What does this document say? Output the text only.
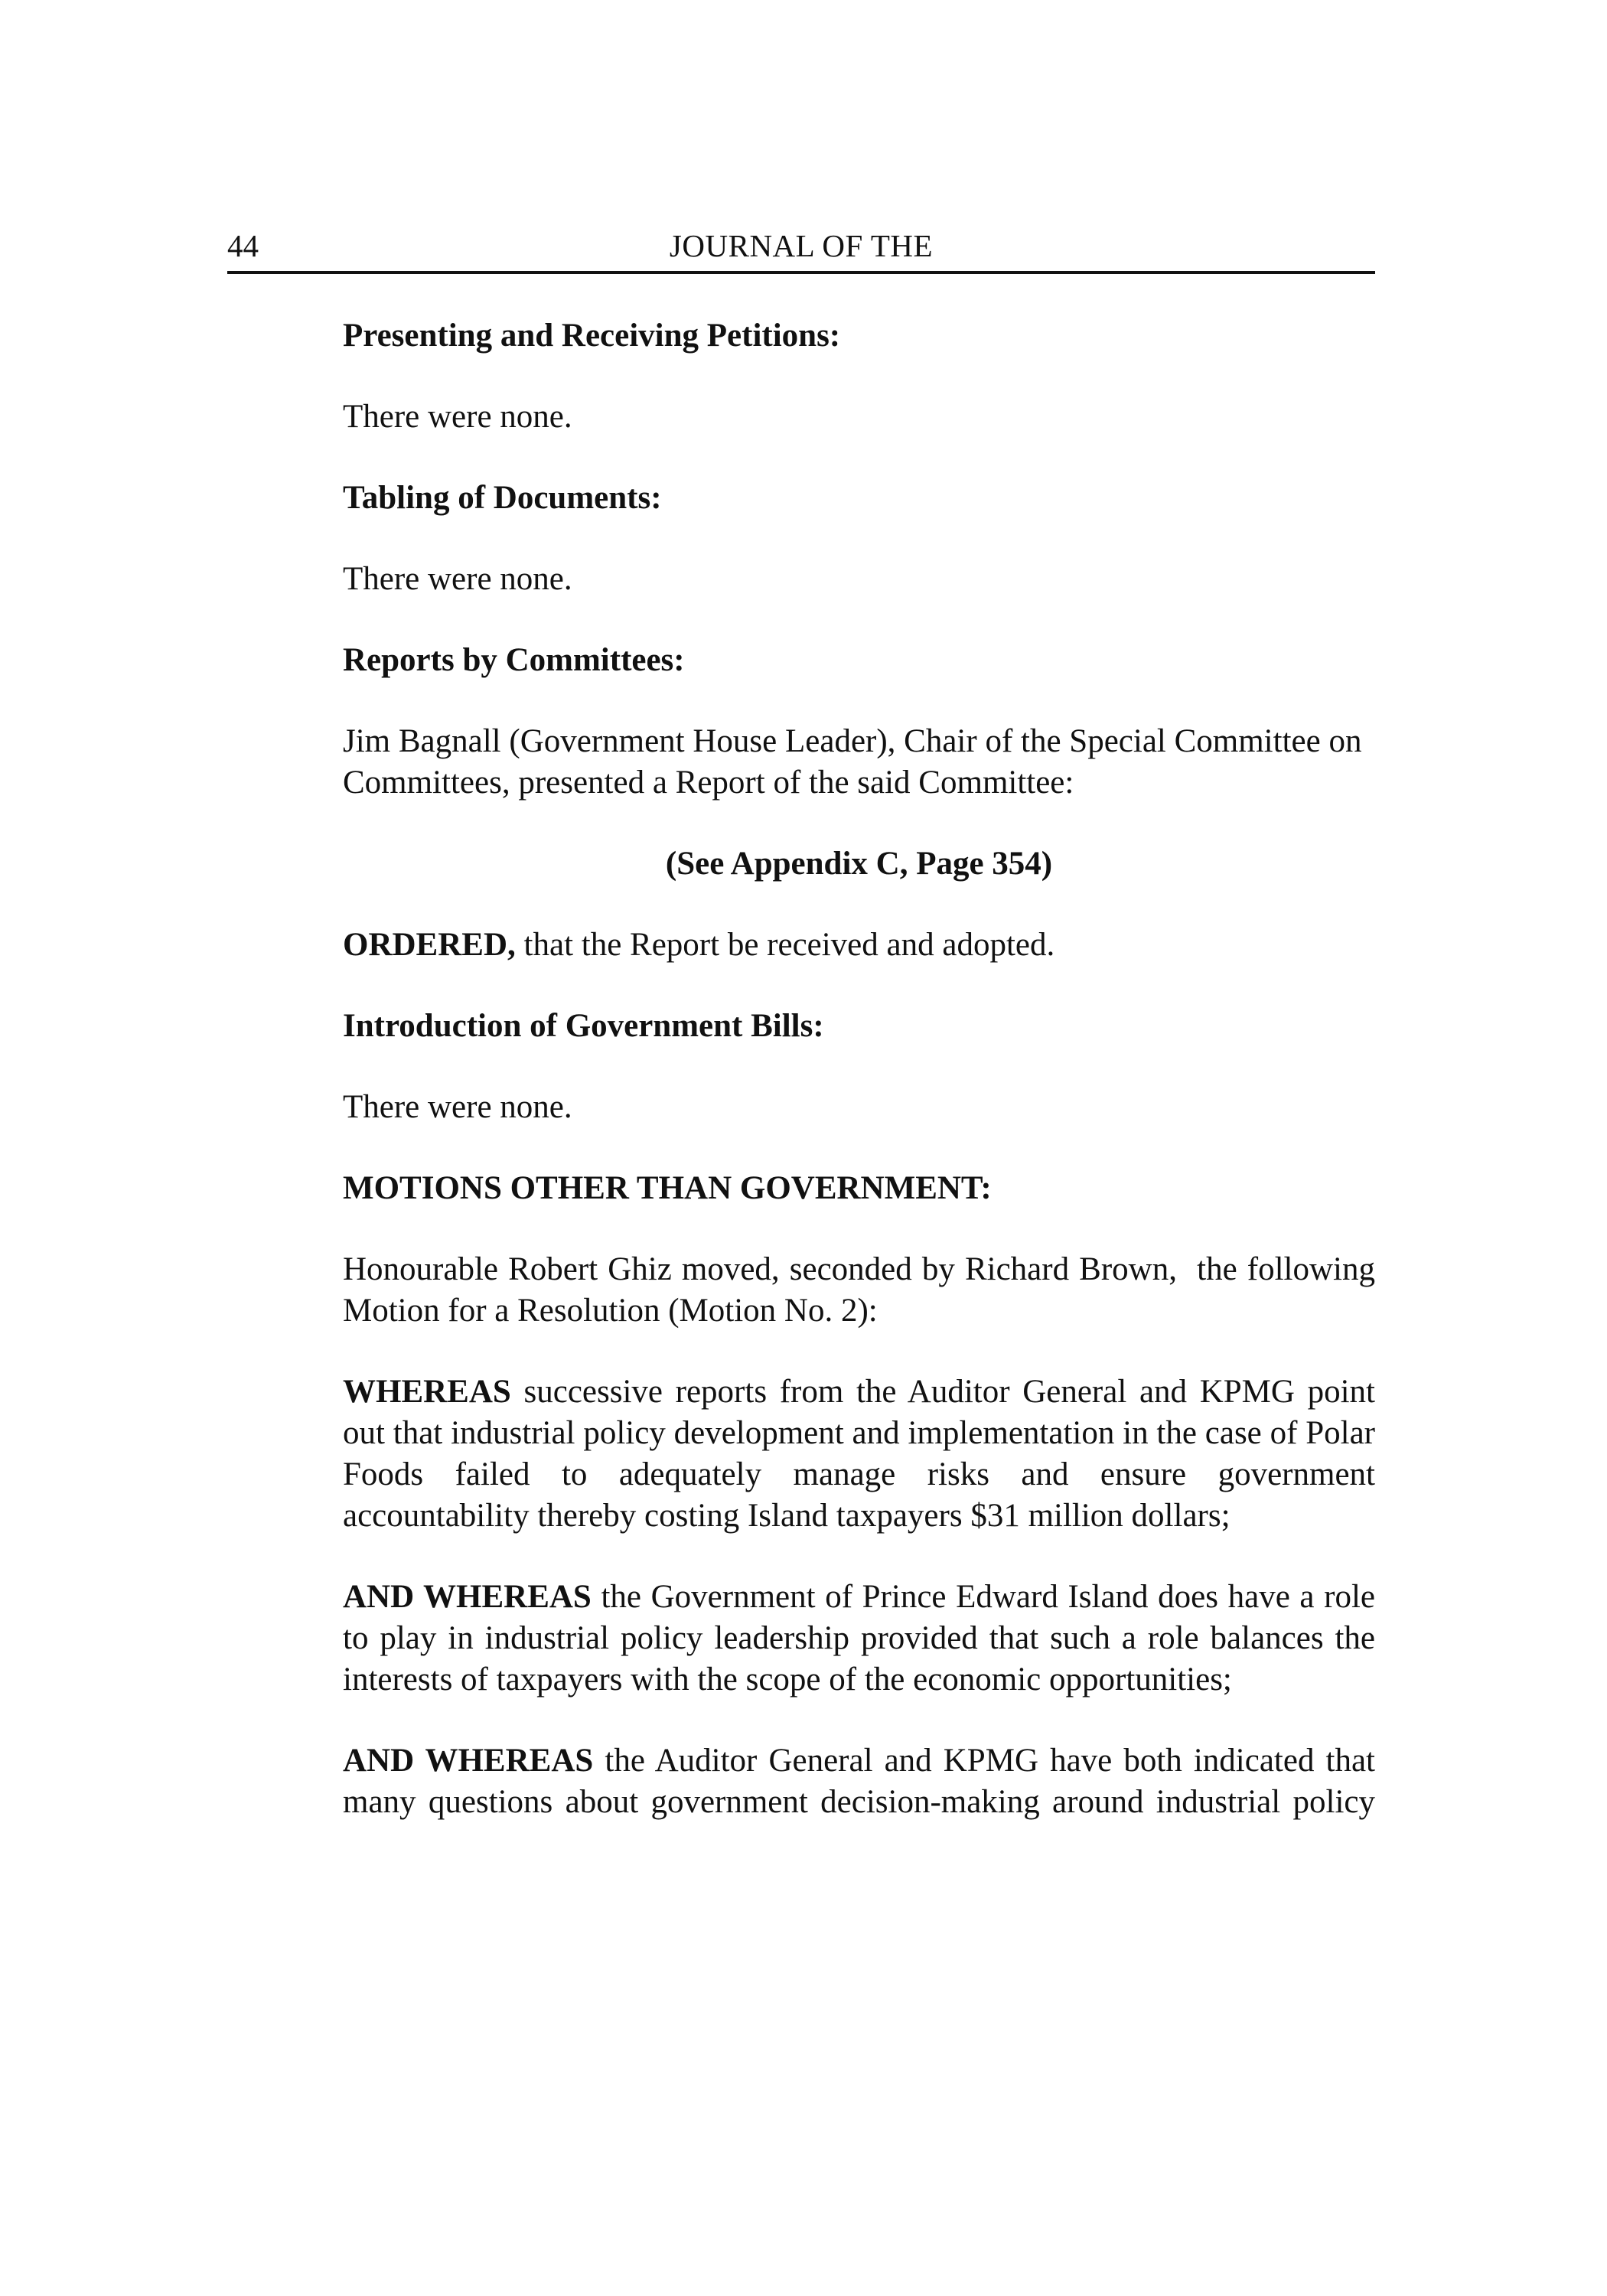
44	JOURNAL OF THE

Presenting and Receiving Petitions:

There were none.

Tabling of Documents:

There were none.

Reports by Committees:

Jim Bagnall (Government House Leader), Chair of the Special Committee on Committees, presented a Report of the said Committee:

(See Appendix C, Page 354)

ORDERED, that the Report be received and adopted.

Introduction of Government Bills:

There were none.

MOTIONS OTHER THAN GOVERNMENT:

Honourable Robert Ghiz moved, seconded by Richard Brown,  the following Motion for a Resolution (Motion No. 2):

WHEREAS successive reports from the Auditor General and KPMG point out that industrial policy development and implementation in the case of Polar Foods failed to adequately manage risks and ensure government accountability thereby costing Island taxpayers $31 million dollars;

AND WHEREAS the Government of Prince Edward Island does have a role to play in industrial policy leadership provided that such a role balances the interests of taxpayers with the scope of the economic opportunities;

AND WHEREAS the Auditor General and KPMG have both indicated that many questions about government decision-making around industrial policy
